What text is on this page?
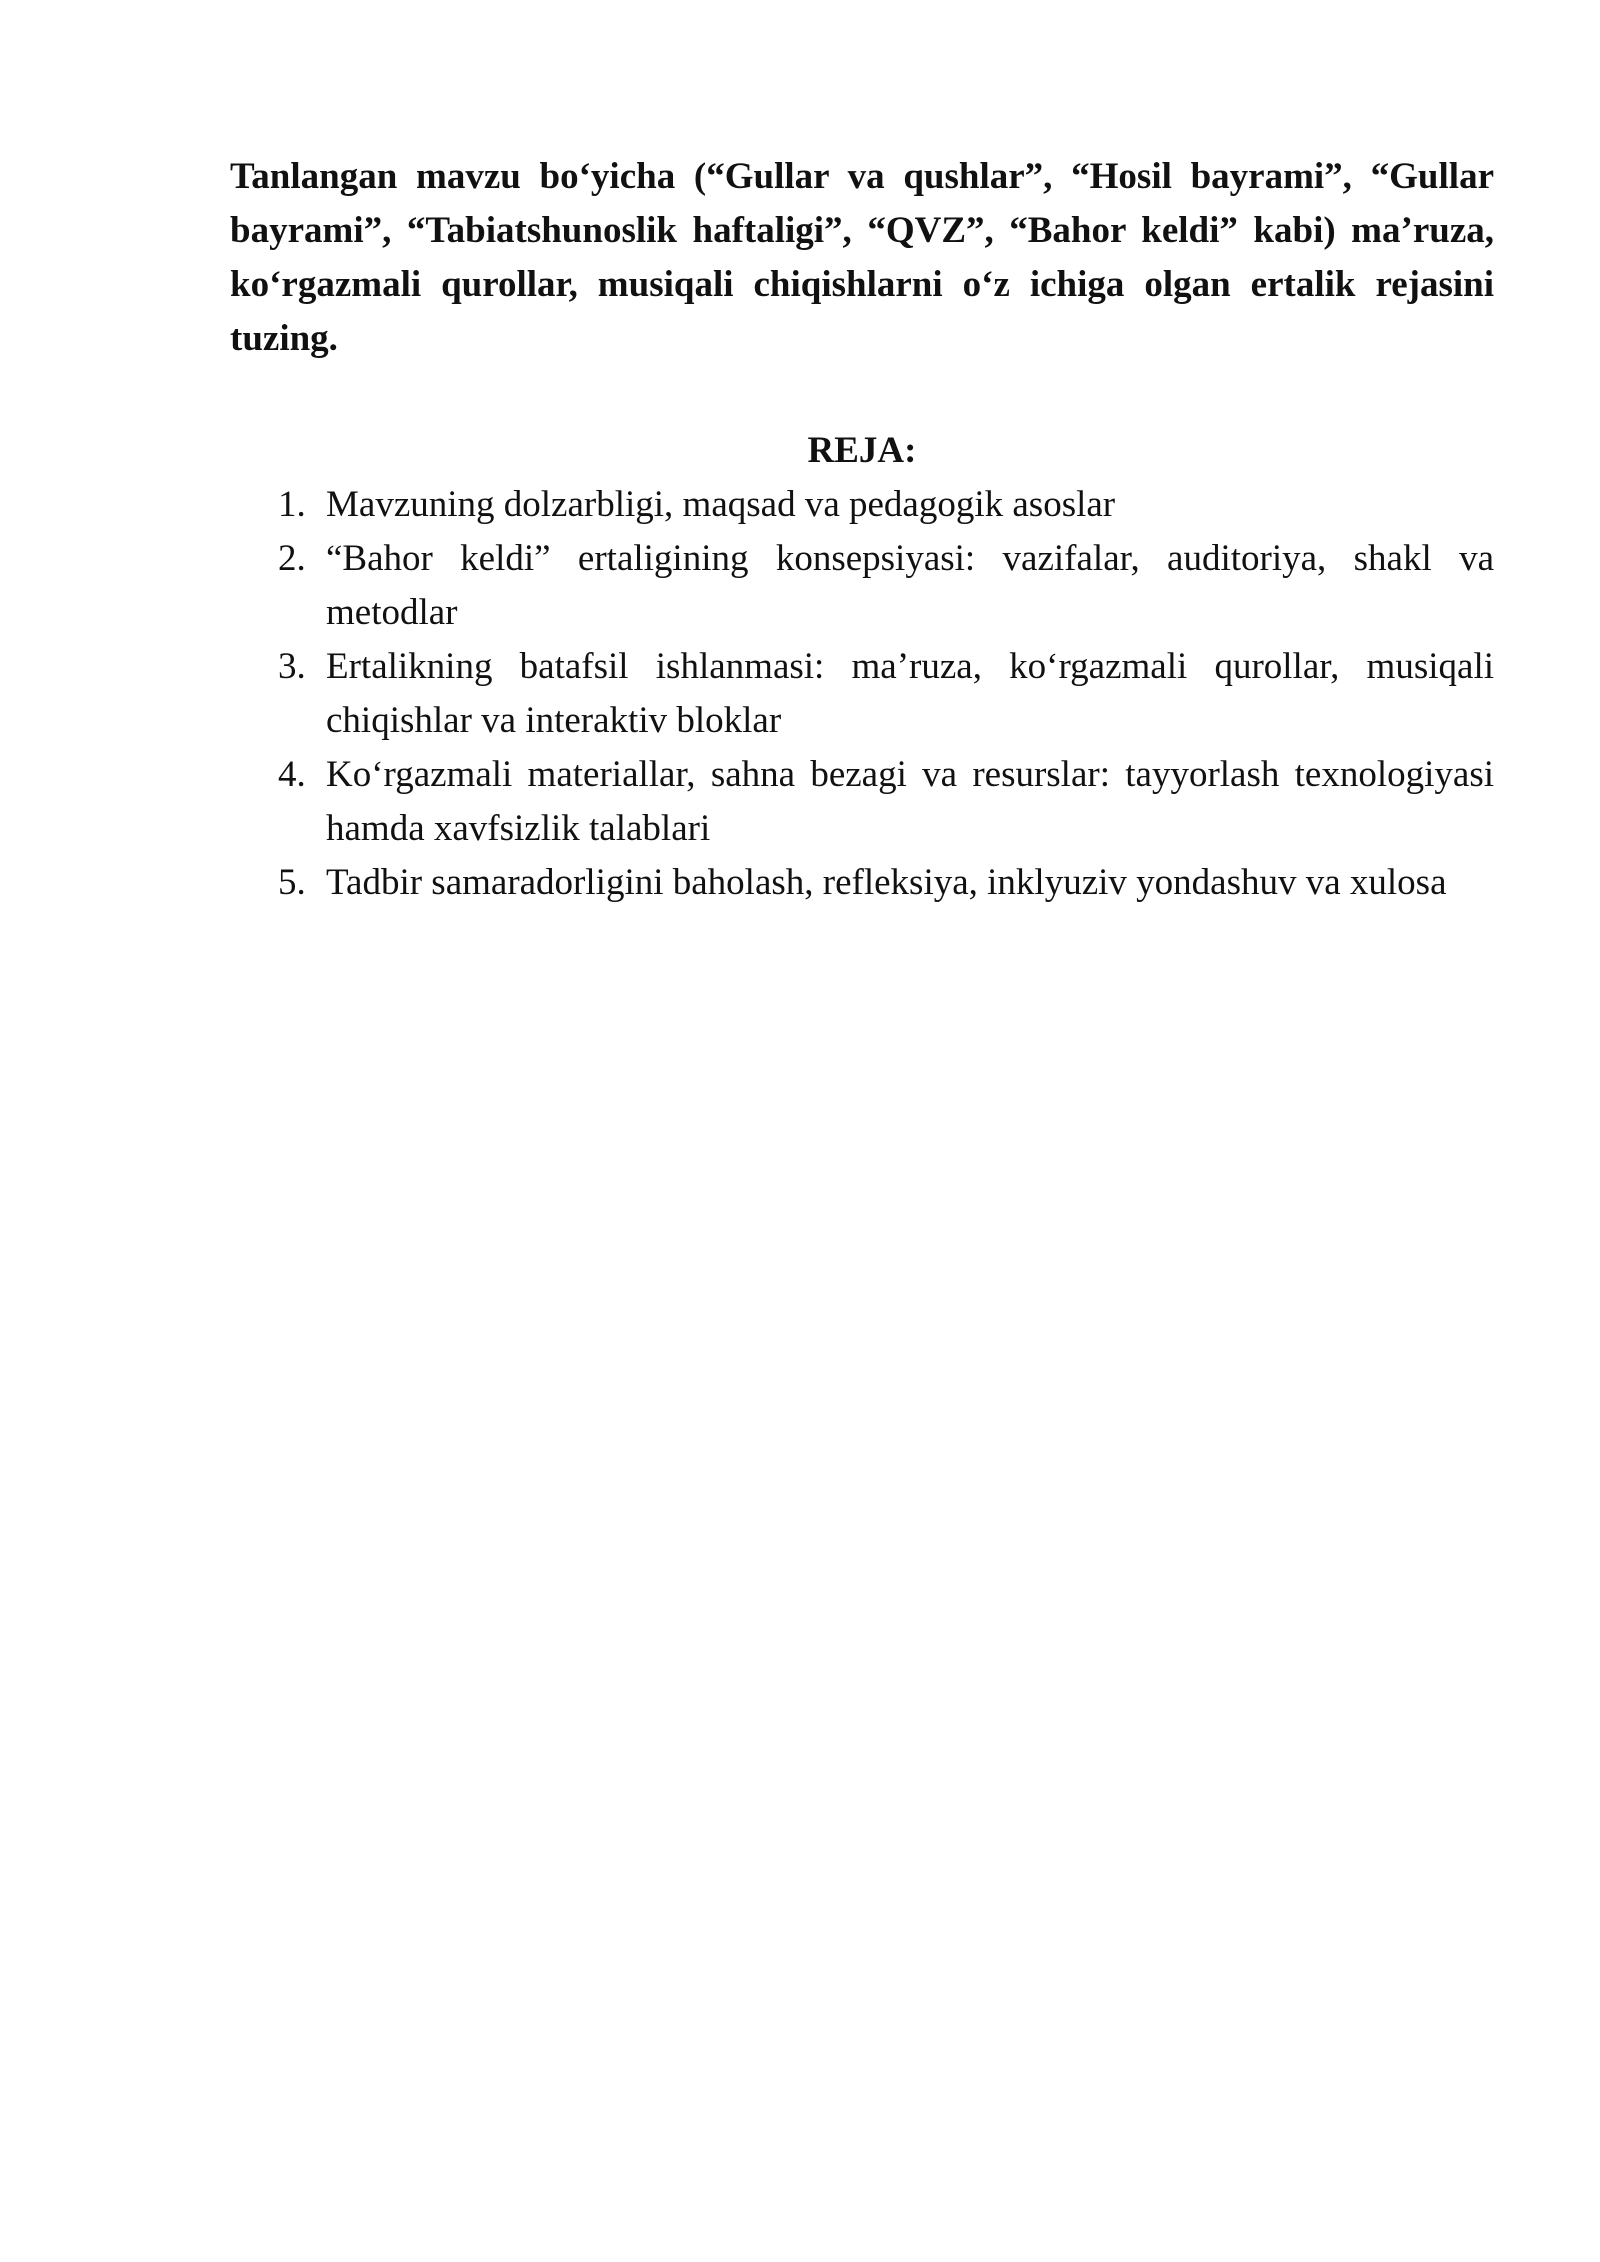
Tanlangan mavzu bo‘yicha (“Gullar va qushlar”, “Hosil bayrami”, “Gullar bayrami”, “Tabiatshunoslik haftaligi”, “QVZ”, “Bahor keldi” kabi) ma’ruza, ko‘rgazmali qurollar, musiqali chiqishlarni o‘z ichiga olgan ertalik rejasini tuzing.

REJA:
1. Mavzuning dolzarbligi, maqsad va pedagogik asoslar
2. “Bahor keldi” ertaligining konsepsiyasi: vazifalar, auditoriya, shakl va metodlar
3. Ertalikning batafsil ishlanmasi: ma’ruza, ko‘rgazmali qurollar, musiqali chiqishlar va interaktiv bloklar
4. Ko‘rgazmali materiallar, sahna bezagi va resurslar: tayyorlash texnologiyasi hamda xavfsizlik talablari
5. Tadbir samaradorligini baholash, refleksiya, inklyuziv yondashuv va xulosa
